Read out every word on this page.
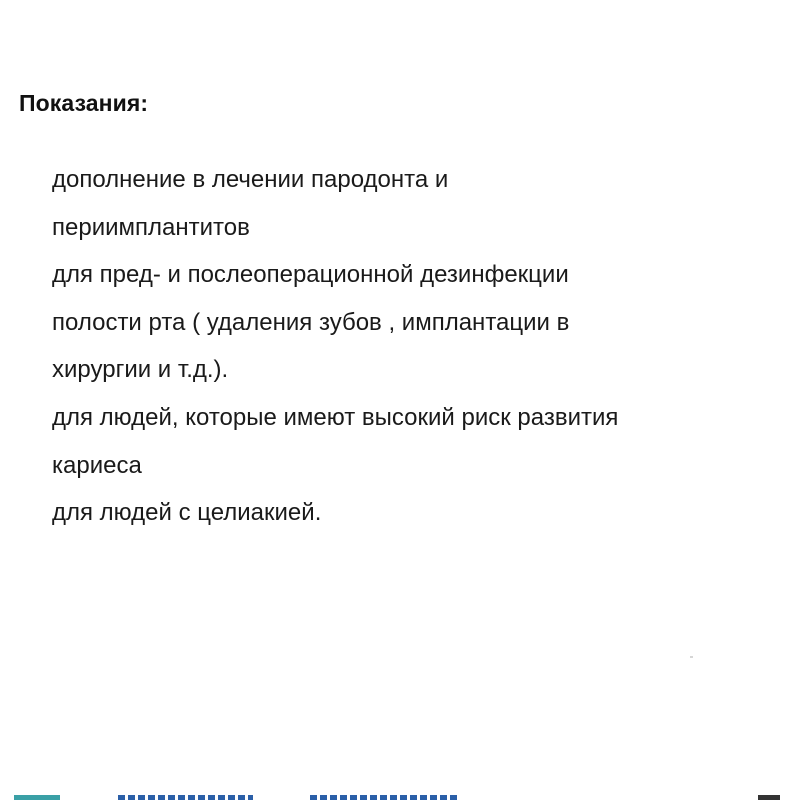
Показания:
дополнение в лечении пародонта и
периимплантитов
для пред- и послеоперационной дезинфекции
полости рта ( удаления зубов , имплантации в
хирургии и т.д.).
для людей, которые имеют высокий риск развития
кариеса
для людей с целиакией.
